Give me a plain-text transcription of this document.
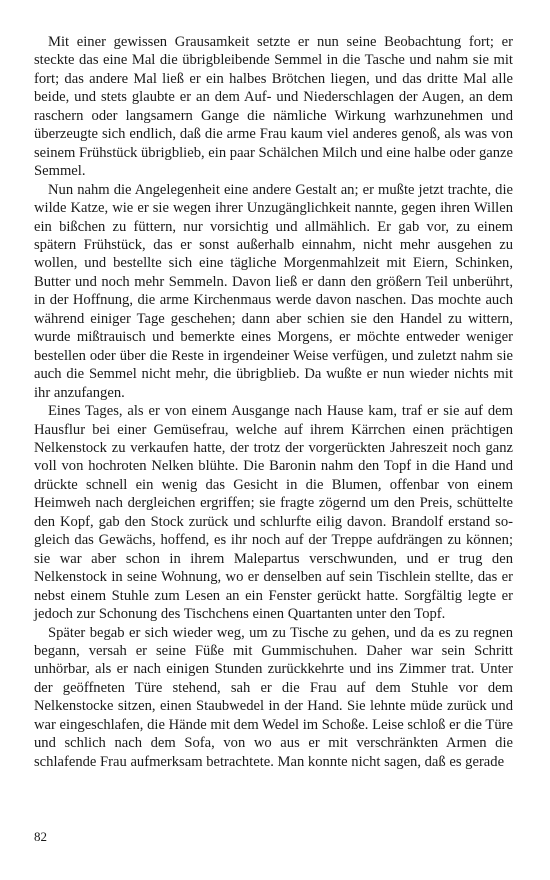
Mit einer gewissen Grausamkeit setzte er nun seine Beobachtung fort; er steckte das eine Mal die übrigbleibende Semmel in die Tasche und nahm sie mit fort; das andere Mal ließ er ein halbes Brötchen liegen, und das dritte Mal alle beide, und stets glaubte er an dem Auf- und Niederschlagen der Augen, an dem raschern oder langsamern Gange die nämliche Wirkung warhzunehmen und überzeugte sich endlich, daß die arme Frau kaum viel anderes genoß, als was von seinem Frühstück übrigblieb, ein paar Schälchen Milch und eine halbe oder ganze Semmel.

Nun nahm die Angelegenheit eine andere Gestalt an; er mußte jetzt trachte, die wilde Katze, wie er sie wegen ihrer Unzugänglichkeit nannte, gegen ihren Willen ein bißchen zu füttern, nur vorsichtig und allmählich. Er gab vor, zu einem spätern Frühstück, das er sonst außerhalb einnahm, nicht mehr ausgehen zu wollen, und bestellte sich eine tägliche Morgenmahlzeit mit Eiern, Schinken, Butter und noch mehr Semmeln. Davon ließ er dann den größern Teil unberührt, in der Hoffnung, die arme Kirchenmaus werde davon naschen. Das mochte auch während einiger Tage geschehen; dann aber schien sie den Handel zu wittern, wurde mißtrauisch und bemerkte eines Morgens, er möchte entweder weniger bestellen oder über die Reste in irgendeiner Weise verfügen, und zuletzt nahm sie auch die Semmel nicht mehr, die übrigblieb. Da wußte er nun wieder nichts mit ihr anzufangen.

Eines Tages, als er von einem Ausgange nach Hause kam, traf er sie auf dem Hausflur bei einer Gemüsefrau, welche auf ihrem Kärrchen einen prächtigen Nelkenstock zu verkaufen hatte, der trotz der vorgerückten Jahreszeit noch ganz voll von hochroten Nelken blühte. Die Baronin nahm den Topf in die Hand und drückte schnell ein wenig das Gesicht in die Blumen, offenbar von einem Heimweh nach dergleichen ergriffen; sie fragte zögernd um den Preis, schüttelte den Kopf, gab den Stock zurück und schlurfte eilig davon. Brandolf erstand sogleich das Gewächs, hoffend, es ihr noch auf der Treppe aufdrängen zu können; sie war aber schon in ihrem Malepartus verschwunden, und er trug den Nelkenstock in seine Wohnung, wo er denselben auf sein Tischlein stellte, das er nebst einem Stuhle zum Lesen an ein Fenster gerückt hatte. Sorgfältig legte er jedoch zur Schonung des Tischchens einen Quartanten unter den Topf.

Später begab er sich wieder weg, um zu Tische zu gehen, und da es zu regnen begann, versah er seine Füße mit Gummischuhen. Daher war sein Schritt unhörbar, als er nach einigen Stunden zurückkehrte und ins Zimmer trat. Unter der geöffneten Türe stehend, sah er die Frau auf dem Stuhle vor dem Nelkenstocke sitzen, einen Staubwedel in der Hand. Sie lehnte müde zurück und war eingeschlafen, die Hände mit dem Wedel im Schoße. Leise schloß er die Türe und schlich nach dem Sofa, von wo aus er mit verschränkten Armen die schlafende Frau aufmerksam betrachtete. Man konnte nicht sagen, daß es gerade

82
